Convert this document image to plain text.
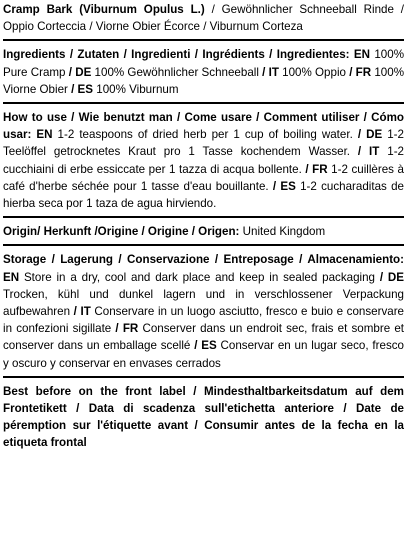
Cramp Bark (Viburnum Opulus L.) / Gewöhnlicher Schneeball Rinde / Oppio Corteccia / Viorne Obier Écorce / Viburnum Corteza

Ingredients / Zutaten / Ingredienti / Ingrédients / Ingredientes: EN 100% Pure Cramp / DE 100% Gewöhnlicher Schneeball / IT 100% Oppio / FR 100% Viorne Obier / ES 100% Viburnum

How to use / Wie benutzt man / Come usare / Comment utiliser / Cómo usar: EN 1-2 teaspoons of dried herb per 1 cup of boiling water. / DE 1-2 Teelöffel getrocknetes Kraut pro 1 Tasse kochendem Wasser. / IT 1-2 cucchiaini di erbe essiccate per 1 tazza di acqua bollente. / FR 1-2 cuillères à café d'herbe séchée pour 1 tasse d'eau bouillante. / ES 1-2 cucharaditas de hierba seca por 1 taza de agua hirviendo.

Origin/ Herkunft /Origine / Origine / Origen: United Kingdom

Storage / Lagerung / Conservazione / Entreposage / Almacenamiento: EN Store in a dry, cool and dark place and keep in sealed packaging / DE Trocken, kühl und dunkel lagern und in verschlossener Verpackung aufbewahren / IT Conservare in un luogo asciutto, fresco e buio e conservare in confezioni sigillate / FR Conserver dans un endroit sec, frais et sombre et conserver dans un emballage scellé / ES Conservar en un lugar seco, fresco y oscuro y conservar en envases cerrados

Best before on the front label / Mindesthaltbarkeitsdatum auf dem Frontetikett / Data di scadenza sull'etichetta anteriore / Date de péremption sur l'étiquette avant / Consumir antes de la fecha en la etiqueta frontal
